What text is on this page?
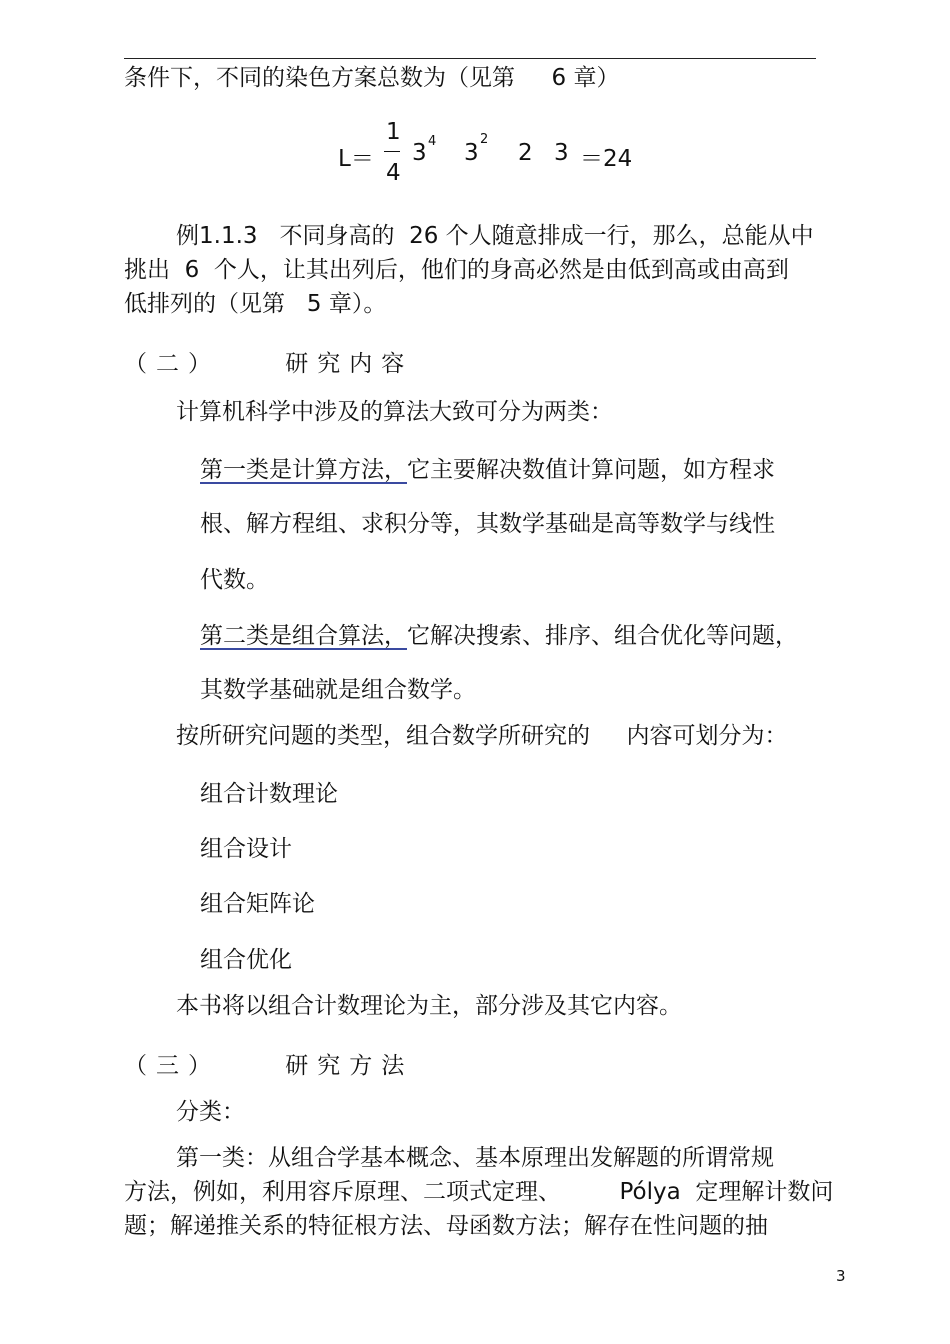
条件下，不同的染色方案总数为（见第     6 章）
L＝
1
4
3 4 3
2
2 3 ＝24
例1.1.3   不同身高的  26 个人随意排成一行，那么，总能从中
挑出  6  个人，让其出列后，他们的身高必然是由低到高或由高到
低排列的（见第   5 章）。
（二）    研究内容
计算机科学中涉及的算法大致可分为两类：
第一类是计算方法，它主要解决数值计算问题，如方程求
根、解方程组、求积分等，其数学基础是高等数学与线性
代数。
第二类是组合算法，它解决搜索、排序、组合优化等问题，
其数学基础就是组合数学。
按所研究问题的类型，组合数学所研究的     内容可划分为：
组合计数理论
组合设计
组合矩阵论
组合优化
本书将以组合计数理论为主，部分涉及其它内容。
（三）    研究方法
分类：
第一类：从组合学基本概念、基本原理出发解题的所谓常规
方法，例如，利用容斥原理、二项式定理、        Pólya  定理解计数问
题；解递推关系的特征根方法、母函数方法；解存在性问题的抽
3
